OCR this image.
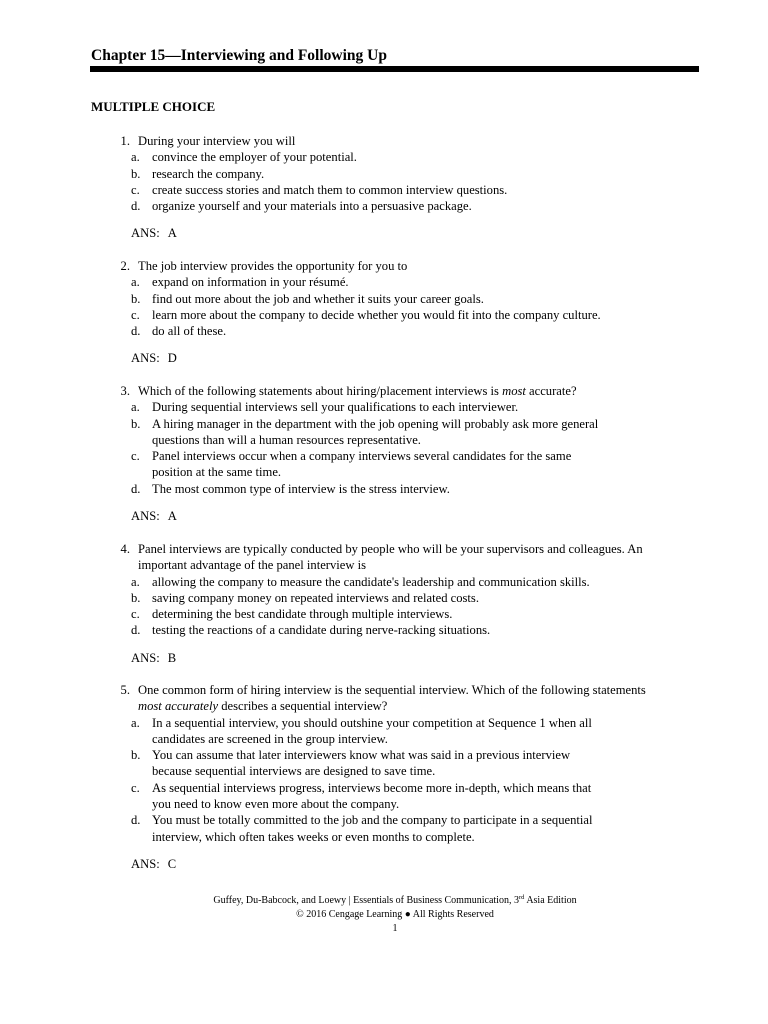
Chapter 15—Interviewing and Following Up
MULTIPLE CHOICE
1. During your interview you will
a. convince the employer of your potential.
b. research the company.
c. create success stories and match them to common interview questions.
d. organize yourself and your materials into a persuasive package.
ANS: A
2. The job interview provides the opportunity for you to
a. expand on information in your résumé.
b. find out more about the job and whether it suits your career goals.
c. learn more about the company to decide whether you would fit into the company culture.
d. do all of these.
ANS: D
3. Which of the following statements about hiring/placement interviews is most accurate?
a. During sequential interviews sell your qualifications to each interviewer.
b. A hiring manager in the department with the job opening will probably ask more general
questions than will a human resources representative.
c. Panel interviews occur when a company interviews several candidates for the same
position at the same time.
d. The most common type of interview is the stress interview.
ANS: A
4. Panel interviews are typically conducted by people who will be your supervisors and colleagues. An
important advantage of the panel interview is
a. allowing the company to measure the candidate's leadership and communication skills.
b. saving company money on repeated interviews and related costs.
c. determining the best candidate through multiple interviews.
d. testing the reactions of a candidate during nerve-racking situations.
ANS: B
5. One common form of hiring interview is the sequential interview. Which of the following statements
most accurately describes a sequential interview?
a. In a sequential interview, you should outshine your competition at Sequence 1 when all
candidates are screened in the group interview.
b. You can assume that later interviewers know what was said in a previous interview
because sequential interviews are designed to save time.
c. As sequential interviews progress, interviews become more in-depth, which means that
you need to know even more about the company.
d. You must be totally committed to the job and the company to participate in a sequential
interview, which often takes weeks or even months to complete.
ANS: C
Guffey, Du-Babcock, and Loewy | Essentials of Business Communication, 3rd Asia Edition
© 2016 Cengage Learning ● All Rights Reserved
1
